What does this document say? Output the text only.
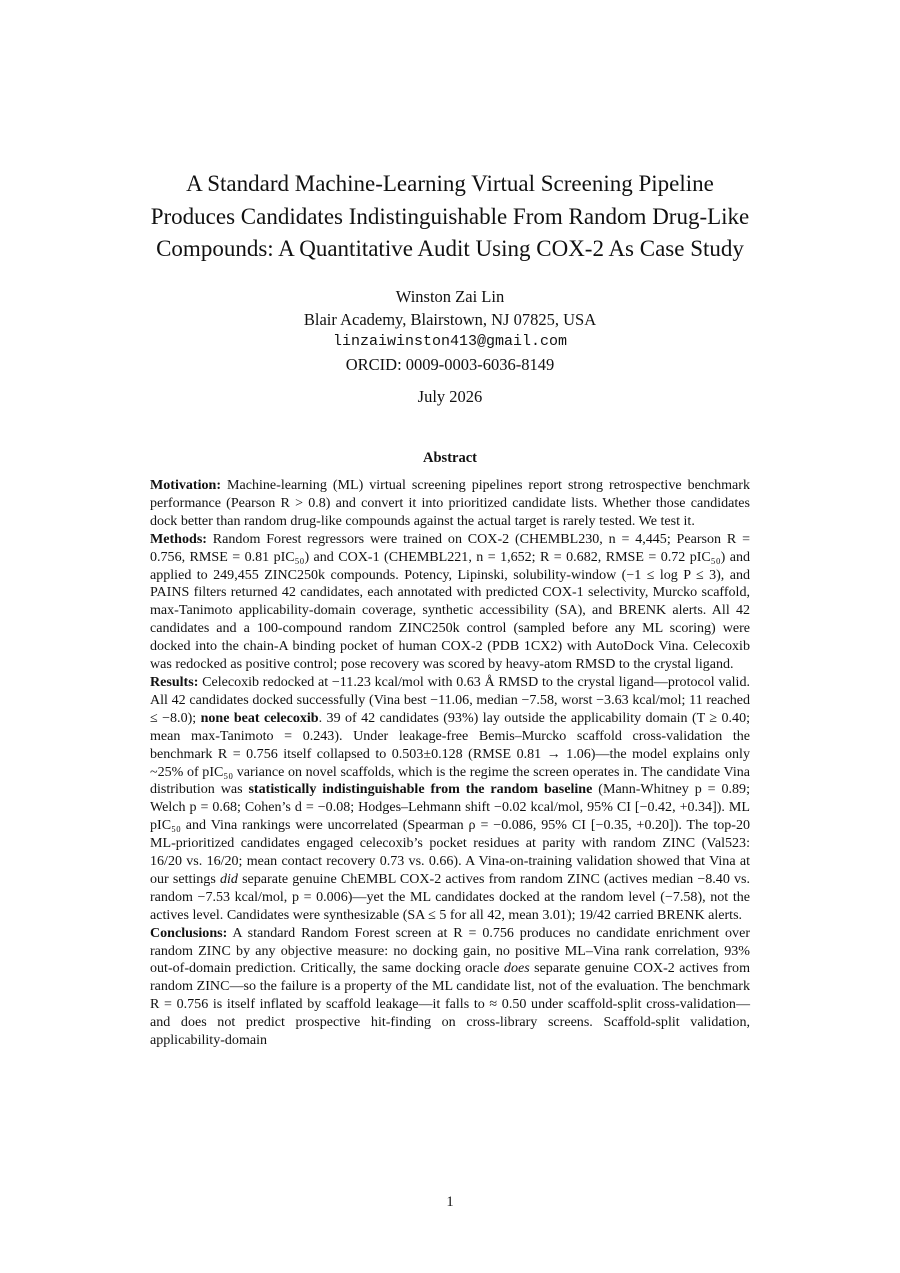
A Standard Machine-Learning Virtual Screening Pipeline
Produces Candidates Indistinguishable From Random Drug-Like
Compounds: A Quantitative Audit Using COX-2 As Case Study
Winston Zai Lin
Blair Academy, Blairstown, NJ 07825, USA
linzaiwinston413@gmail.com
ORCID: 0009-0003-6036-8149
July 2026
Abstract

Motivation: Machine-learning (ML) virtual screening pipelines report strong retrospective benchmark performance (Pearson R > 0.8) and convert it into prioritized candidate lists. Whether those candidates dock better than random drug-like compounds against the actual target is rarely tested. We test it.

Methods: Random Forest regressors were trained on COX-2 (CHEMBL230, n = 4,445; Pearson R = 0.756, RMSE = 0.81 pIC₅₀) and COX-1 (CHEMBL221, n = 1,652; R = 0.682, RMSE = 0.72 pIC₅₀) and applied to 249,455 ZINC250k compounds. Potency, Lipinski, solubility-window (−1 ≤ log P ≤ 3), and PAINS filters returned 42 candidates, each annotated with predicted COX-1 selectivity, Murcko scaffold, max-Tanimoto applicability-domain coverage, synthetic accessibility (SA), and BRENK alerts. All 42 candidates and a 100-compound random ZINC250k control (sampled before any ML scoring) were docked into the chain-A binding pocket of human COX-2 (PDB 1CX2) with AutoDock Vina. Celecoxib was redocked as positive control; pose recovery was scored by heavy-atom RMSD to the crystal ligand.

Results: Celecoxib redocked at −11.23 kcal/mol with 0.63 Å RMSD to the crystal ligand—protocol valid. All 42 candidates docked successfully (Vina best −11.06, median −7.58, worst −3.63 kcal/mol; 11 reached ≤ −8.0); none beat celecoxib. 39 of 42 candidates (93%) lay outside the applicability domain (T ≥ 0.40; mean max-Tanimoto = 0.243). Under leakage-free Bemis–Murcko scaffold cross-validation the benchmark R = 0.756 itself collapsed to 0.503±0.128 (RMSE 0.81 → 1.06)—the model explains only ~25% of pIC₅₀ variance on novel scaffolds, which is the regime the screen operates in. The candidate Vina distribution was statistically indistinguishable from the random baseline (Mann-Whitney p = 0.89; Welch p = 0.68; Cohen’s d = −0.08; Hodges–Lehmann shift −0.02 kcal/mol, 95% CI [−0.42, +0.34]). ML pIC₅₀ and Vina rankings were uncorrelated (Spearman ρ = −0.086, 95% CI [−0.35, +0.20]). The top-20 ML-prioritized candidates engaged celecoxib’s pocket residues at parity with random ZINC (Val523: 16/20 vs. 16/20; mean contact recovery 0.73 vs. 0.66). A Vina-on-training validation showed that Vina at our settings did separate genuine ChEMBL COX-2 actives from random ZINC (actives median −8.40 vs. random −7.53 kcal/mol, p = 0.006)—yet the ML candidates docked at the random level (−7.58), not the actives level. Candidates were synthesizable (SA ≤ 5 for all 42, mean 3.01); 19/42 carried BRENK alerts.

Conclusions: A standard Random Forest screen at R = 0.756 produces no candidate enrichment over random ZINC by any objective measure: no docking gain, no positive ML–Vina rank correlation, 93% out-of-domain prediction. Critically, the same docking oracle does separate genuine COX-2 actives from random ZINC—so the failure is a property of the ML candidate list, not of the evaluation. The benchmark R = 0.756 is itself inflated by scaffold leakage—it falls to ≈ 0.50 under scaffold-split cross-validation—and does not predict prospective hit-finding on cross-library screens. Scaffold-split validation, applicability-domain

1
